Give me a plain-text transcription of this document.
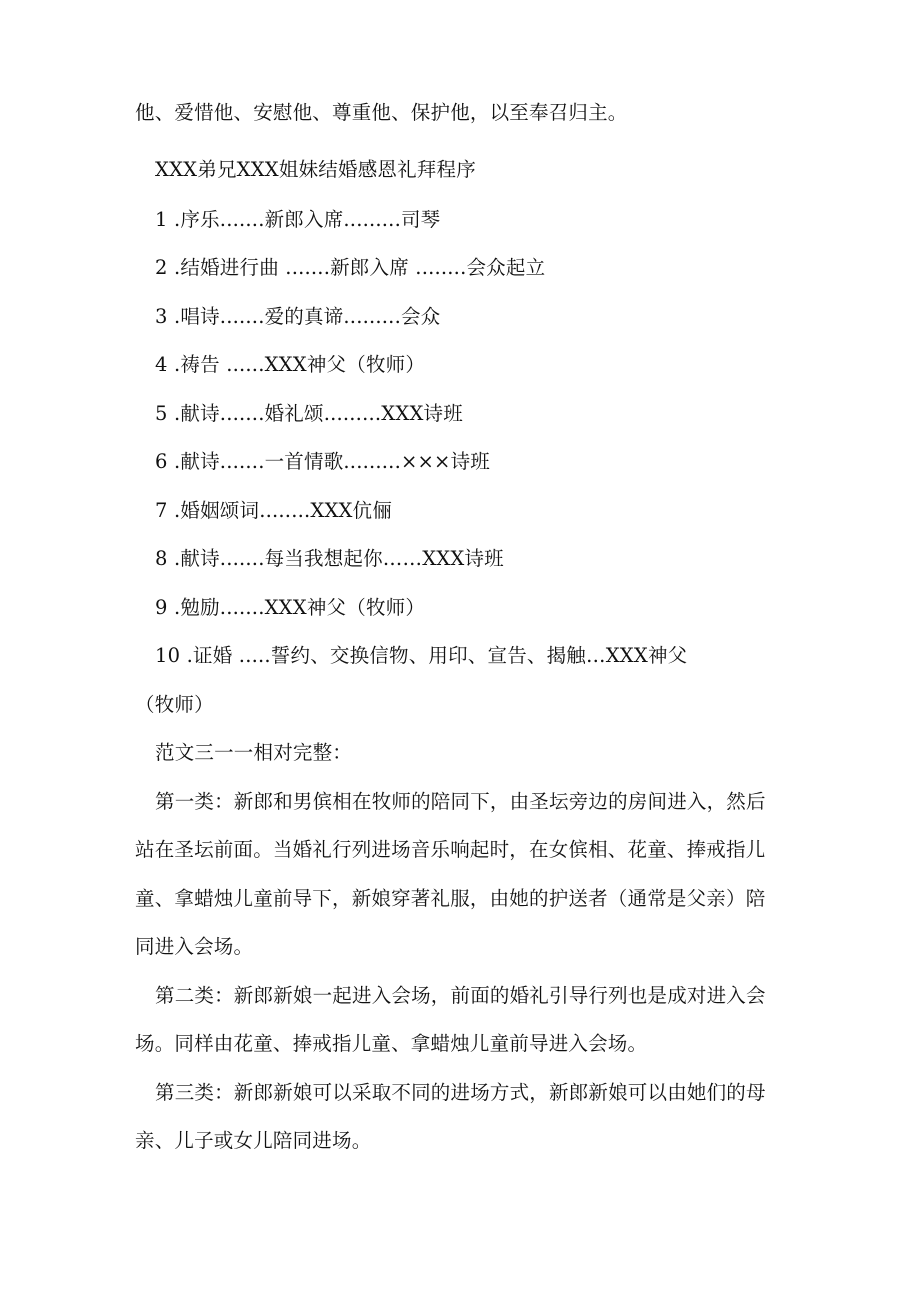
他、爱惜他、安慰他、尊重他、保护他，以至奉召归主。
XXX弟兄XXX姐妹结婚感恩礼拜程序
1 .序乐.......新郎入席.........司琴
2 .结婚进行曲 .......新郎入席 ........会众起立
3 .唱诗.......爱的真谛.........会众
4 .祷告 ......XXX神父（牧师）
5 .献诗.......婚礼颂.........XXX诗班
6 .献诗.......一首情歌.........×××诗班
7 .婚姻颂词........XXX伉俪
8 .献诗.......每当我想起你……XXX诗班
9 .勉励.......XXX神父（牧师）
10 .证婚 .....誓约、交换信物、用印、宣告、揭触…XXX神父
（牧师）
范文三一一相对完整：
第一类：新郎和男傧相在牧师的陪同下，由圣坛旁边的房间进入，然后
站在圣坛前面。当婚礼行列进场音乐响起时，在女傧相、花童、捧戒指儿
童、拿蜡烛儿童前导下，新娘穿著礼服，由她的护送者（通常是父亲）陪
同进入会场。
第二类：新郎新娘一起进入会场，前面的婚礼引导行列也是成对进入会
场。同样由花童、捧戒指儿童、拿蜡烛儿童前导进入会场。
第三类：新郎新娘可以采取不同的进场方式，新郎新娘可以由她们的母
亲、儿子或女儿陪同进场。
